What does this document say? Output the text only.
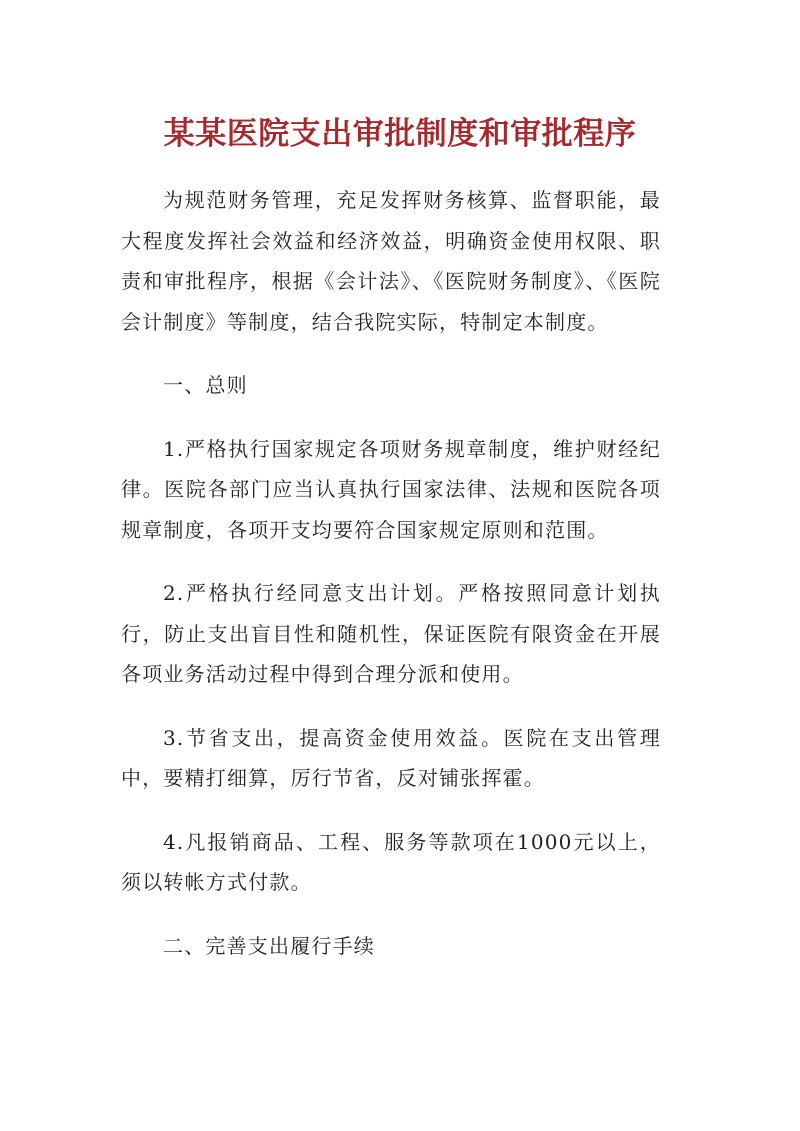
某某医院支出审批制度和审批程序

为规范财务管理，充足发挥财务核算、监督职能，最大程度发挥社会效益和经济效益，明确资金使用权限、职责和审批程序，根据《会计法》、《医院财务制度》、《医院会计制度》等制度，结合我院实际，特制定本制度。

一、总则

1.严格执行国家规定各项财务规章制度，维护财经纪律。医院各部门应当认真执行国家法律、法规和医院各项规章制度，各项开支均要符合国家规定原则和范围。

2.严格执行经同意支出计划。严格按照同意计划执行，防止支出盲目性和随机性，保证医院有限资金在开展各项业务活动过程中得到合理分派和使用。

3.节省支出，提高资金使用效益。医院在支出管理中，要精打细算，厉行节省，反对铺张挥霍。

4.凡报销商品、工程、服务等款项在1000元以上，须以转帐方式付款。

二、完善支出履行手续
